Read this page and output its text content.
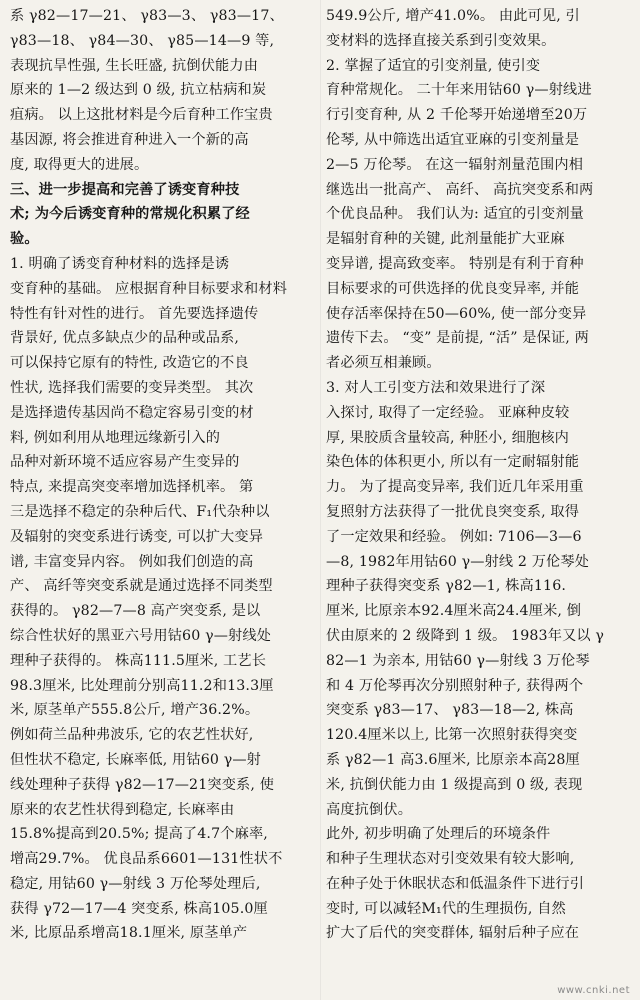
系 γ82—17—21、 γ83—3、 γ83—17、
γ83—18、 γ84—30、 γ85—14—9 等,
表现抗旱性强, 生长旺盛, 抗倒伏能力由
原来的 1—2 级达到 0 级, 抗立枯病和炭
疽病。 以上这批材料是今后育种工作宝贵
基因源, 将会推进育种进入一个新的高
度, 取得更大的进展。
三、进一步提高和完善了诱变育种技
术; 为今后诱变育种的常规化积累了经
验。
1. 明确了诱变育种材料的选择是诱
变育种的基础。 应根据育种目标要求和材料
特性有针对性的进行。 首先要选择遗传
背景好, 优点多缺点少的品种或品系,
可以保持它原有的特性, 改造它的不良
性状, 选择我们需要的变异类型。 其次
是选择遗传基因尚不稳定容易引变的材
料, 例如利用从地理远缘新引入的
品种对新环境不适应容易产生变异的
特点, 来提高突变率增加选择机率。 第
三是选择不稳定的杂种后代、F₁代杂种以
及辐射的突变系进行诱变, 可以扩大变异
谱, 丰富变异内容。 例如我们创造的高
产、 高纤等突变系就是通过选择不同类型
获得的。 γ82—7—8 高产突变系, 是以
综合性状好的黑亚六号用钴60 γ—射线处
理种子获得的。 株高111.5厘米, 工艺长
98.3厘米, 比处理前分别高11.2和13.3厘
米, 原茎单产555.8公斤, 增产36.2%。
例如荷兰品种弗波乐, 它的农艺性状好,
但性状不稳定, 长麻率低, 用钴60 γ—射
线处理种子获得 γ82—17—21突变系, 使
原来的农艺性状得到稳定, 长麻率由
15.8%提高到20.5%; 提高了4.7个麻率,
增高29.7%。 优良品系6601—131性状不
稳定, 用钴60 γ—射线 3 万伦琴处理后,
获得 γ72—17—4 突变系, 株高105.0厘
米, 比原品系增高18.1厘米, 原茎单产
549.9公斤, 增产41.0%。 由此可见, 引
变材料的选择直接关系到引变效果。
2. 掌握了适宜的引变剂量, 使引变
育种常规化。 二十年来用钴60 γ—射线进
行引变育种, 从 2 千伦琴开始递增至20万
伦琴, 从中筛选出适宜亚麻的引变剂量是
2—5 万伦琴。 在这一辐射剂量范围内相
继选出一批高产、 高纤、 高抗突变系和两
个优良品种。 我们认为: 适宜的引变剂量
是辐射育种的关键, 此剂量能扩大亚麻
变异谱, 提高致变率。 特别是有利于育种
目标要求的可供选择的优良变异率, 并能
使存活率保持在50—60%, 使一部分变异
遗传下去。 “变” 是前提, “活” 是保证, 两
者必须互相兼顾。
3. 对人工引变方法和效果进行了深
入探讨, 取得了一定经验。 亚麻种皮较
厚, 果胶质含量较高, 种胚小, 细胞核内
染色体的体积更小, 所以有一定耐辐射能
力。 为了提高变异率, 我们近几年采用重
复照射方法获得了一批优良突变系, 取得
了一定效果和经验。 例如: 7106—3—6
—8, 1982年用钴60 γ—射线 2 万伦琴处
理种子获得突变系 γ82—1, 株高116.
厘米, 比原亲本92.4厘米高24.4厘米, 倒
伏由原来的 2 级降到 1 级。 1983年又以 γ
82—1 为亲本, 用钴60 γ—射线 3 万伦琴
和 4 万伦琴再次分别照射种子, 获得两个
突变系 γ83—17、 γ83—18—2, 株高
120.4厘米以上, 比第一次照射获得突变
系 γ82—1 高3.6厘米, 比原亲本高28厘
米, 抗倒伏能力由 1 级提高到 0 级, 表现
高度抗倒伏。
此外, 初步明确了处理后的环境条件
和种子生理状态对引变效果有较大影响,
在种子处于休眠状态和低温条件下进行引
变时, 可以减轻M₁代的生理损伤, 自然
扩大了后代的突变群体, 辐射后种子应在
www.cnki.net
